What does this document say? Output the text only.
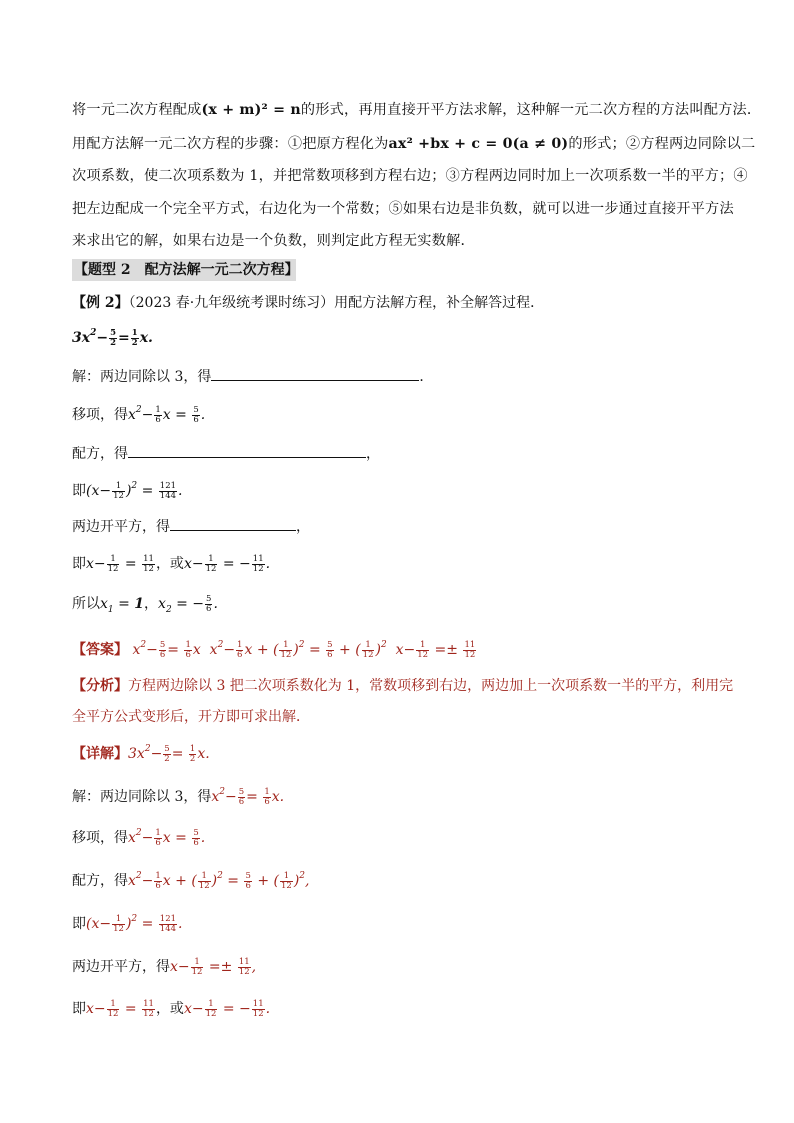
将一元二次方程配成(x + m)² = n的形式，再用直接开平方法求解，这种解一元二次方程的方法叫配方法．
用配方法解一元二次方程的步骤：①把原方程化为ax² +bx + c = 0(a ≠ 0)的形式；②方程两边同除以二
次项系数，使二次项系数为 1，并把常数项移到方程右边；③方程两边同时加上一次项系数一半的平方；④
把左边配成一个完全平方式，右边化为一个常数；⑤如果右边是非负数，就可以进一步通过直接开平方法
来求出它的解，如果右边是一个负数，则判定此方程无实数解．
【题型 2　配方法解一元二次方程】
【例 2】（2023 春·九年级统考课时练习）用配方法解方程，补全解答过程．
$3x^2- \frac{5}{2} = \frac{1}{2} x$.
解：两边同除以 3，得	．
移项，得$x^2- \frac{1}{6}$ $x = \frac{5}{6}$ .
配方，得	，
即$(x- \frac{1}{12} )^2 = \frac{121}{144}$ .
两边开平方，得	，
即$x- \frac{1}{12} = \frac{11}{12}$ ，或$x- \frac{1}{12}$ = − $\frac{11}{12}$ .
所以$x_1 = 1$，$x_2$ = − $\frac{5}{6}$ .
【答案】 $x^2- \frac{5}{6} = \frac{1}{6}$ x $x^2- \frac{1}{6}$ x + ( $\frac{1}{12} )^2 = \frac{5}{6}$ + ( $\frac{1}{12} )^2$ $x- \frac{1}{12} =\pm \frac{11}{12}$
【分析】方程两边除以 3 把二次项系数化为 1，常数项移到右边，两边加上一次项系数一半的平方，利用完
全平方公式变形后，开方即可求出解．
【详解】$3x^2- \frac{5}{2} = \frac{1}{2} x$.
解：两边同除以 3，得$x^2- \frac{5}{6} = \frac{1}{6} x$.
移项，得$x^2- \frac{1}{6}$ $x = \frac{5}{6}$ .
配方，得$x^2- \frac{1}{6}$ x + ( $\frac{1}{12} )^2 = \frac{5}{6}$ + ( $\frac{1}{12} )^2$,
即$(x- \frac{1}{12} )^2 = \frac{121}{144}$ .
两边开平方，得$x- \frac{1}{12} =\pm \frac{11}{12}$ ,
即$x- \frac{1}{12} = \frac{11}{12}$ ，或$x- \frac{1}{12}$ = − $\frac{11}{12}$ .
